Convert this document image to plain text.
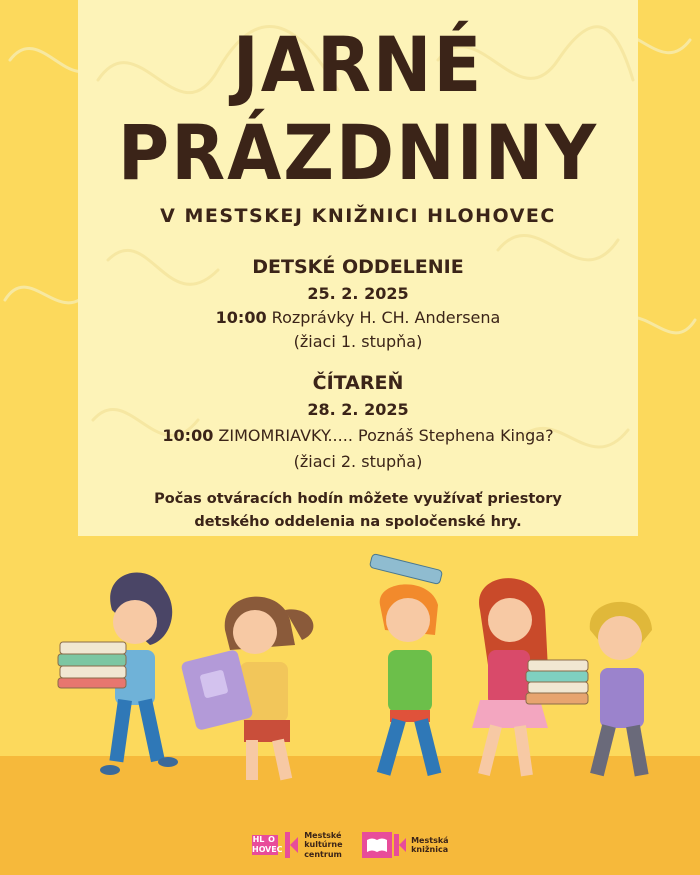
JARNÉ
PRÁZDNINY
V MESTSKEJ KNIŽNICI HLOHOVEC
DETSKÉ ODDELENIE
25. 2. 2025
10:00 Rozprávky H. CH. Andersena
(žiaci 1. stupňa)
ČÍTAREŇ
28. 2. 2025
10:00 ZIMOMRIAVKY..... Poznáš Stephena Kinga?
(žiaci 2. stupňa)
Počas otváracích hodín môžete využívať priestory
detského oddelenia na spoločenské hry.
HL O
HO VEC

Mestské
kultúrne
centrum

Mestská
knižnica
